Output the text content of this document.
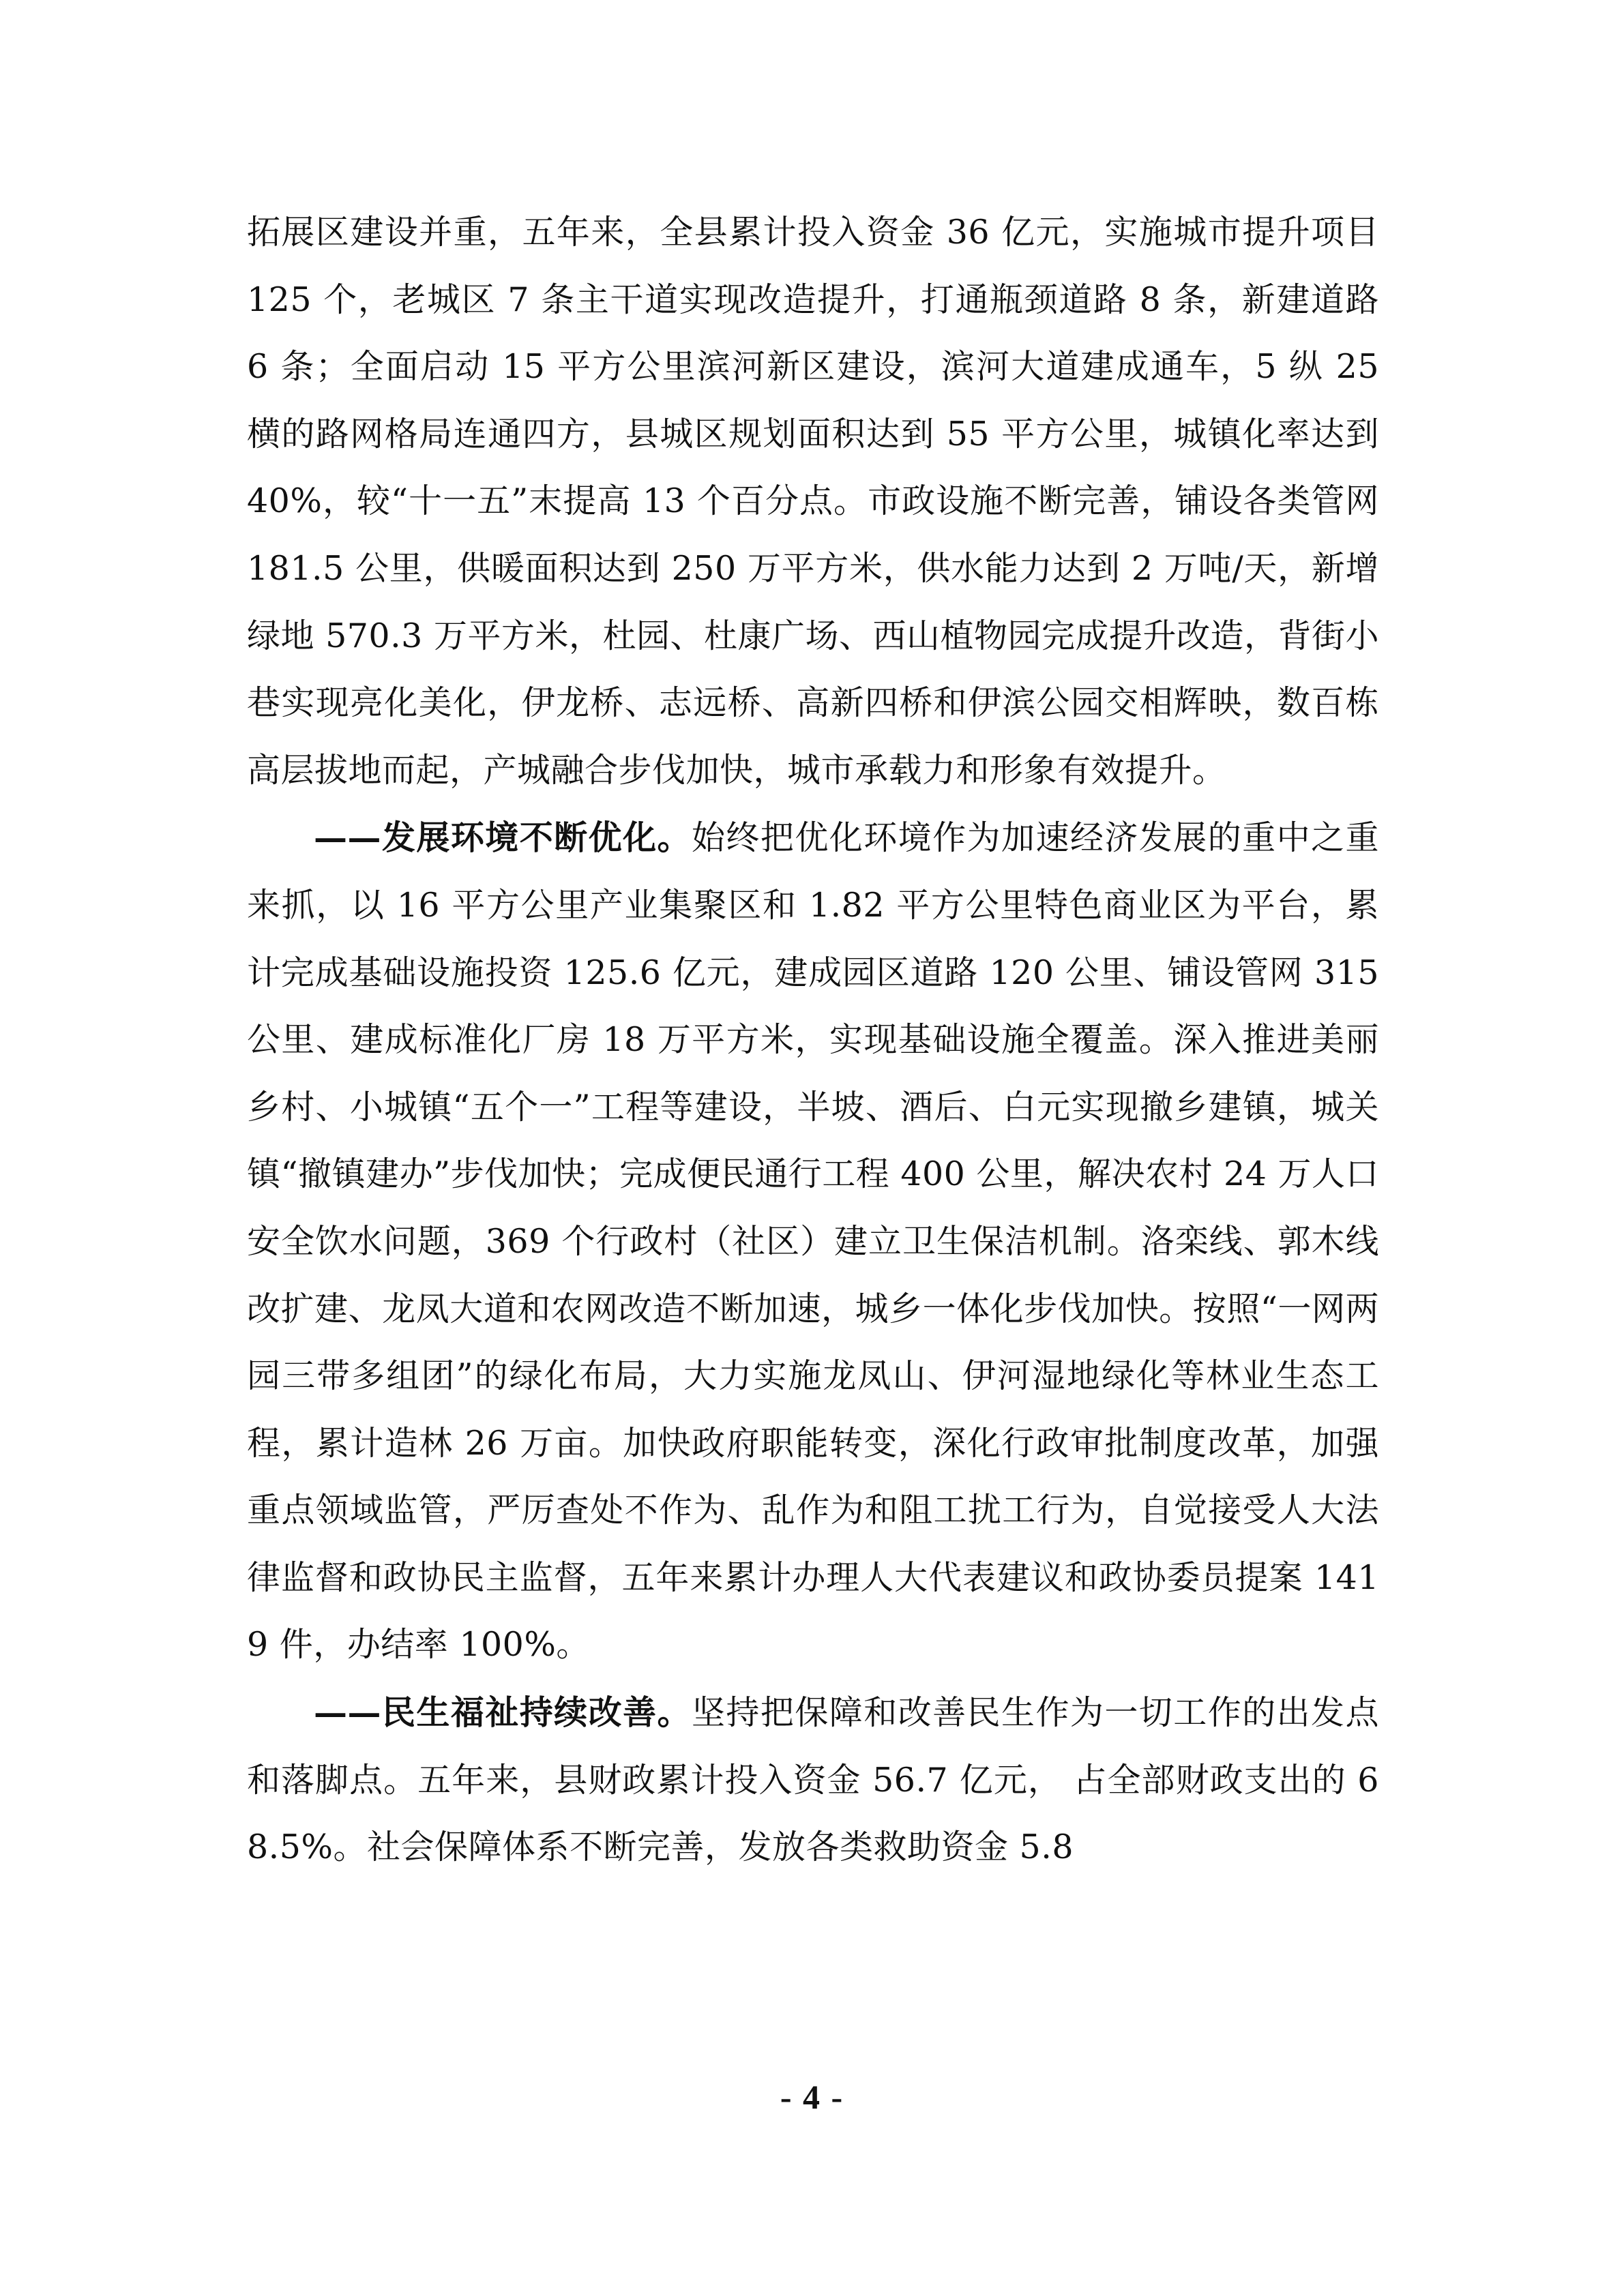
拓展区建设并重，五年来，全县累计投入资金 36 亿元，实施城市提升项目 125 个，老城区 7 条主干道实现改造提升，打通瓶颈道路 8 条，新建道路 6 条；全面启动 15 平方公里滨河新区建设，滨河大道建成通车，5 纵 25 横的路网格局连通四方，县城区规划面积达到 55 平方公里，城镇化率达到 40%，较“十一五”末提高 13 个百分点。市政设施不断完善，铺设各类管网 181.5 公里，供暖面积达到 250 万平方米，供水能力达到 2 万吨/天，新增绿地 570.3 万平方米，杜园、杜康广场、西山植物园完成提升改造，背街小巷实现亮化美化，伊龙桥、志远桥、高新四桥和伊滨公园交相辉映，数百栋高层拔地而起，产城融合步伐加快，城市承载力和形象有效提升。

——发展环境不断优化。始终把优化环境作为加速经济发展的重中之重来抓，以 16 平方公里产业集聚区和 1.82 平方公里特色商业区为平台，累计完成基础设施投资 125.6 亿元，建成园区道路 120 公里、铺设管网 315 公里、建成标准化厂房 18 万平方米，实现基础设施全覆盖。深入推进美丽乡村、小城镇“五个一”工程等建设，半坡、酒后、白元实现撤乡建镇，城关镇“撤镇建办”步伐加快；完成便民通行工程 400 公里，解决农村 24 万人口安全饮水问题，369 个行政村（社区）建立卫生保洁机制。洛栾线、郭木线改扩建、龙凤大道和农网改造不断加速，城乡一体化步伐加快。按照“一网两园三带多组团”的绿化布局，大力实施龙凤山、伊河湿地绿化等林业生态工程，累计造林 26 万亩。加快政府职能转变，深化行政审批制度改革，加强重点领域监管，严厉查处不作为、乱作为和阻工扰工行为，自觉接受人大法律监督和政协民主监督，五年来累计办理人大代表建议和政协委员提案 1419 件，办结率 100%。

——民生福祉持续改善。坚持把保障和改善民生作为一切工作的出发点和落脚点。五年来，县财政累计投入资金 56.7 亿元， 占全部财政支出的 68.5%。社会保障体系不断完善，发放各类救助资金 5.8

- 4 -
